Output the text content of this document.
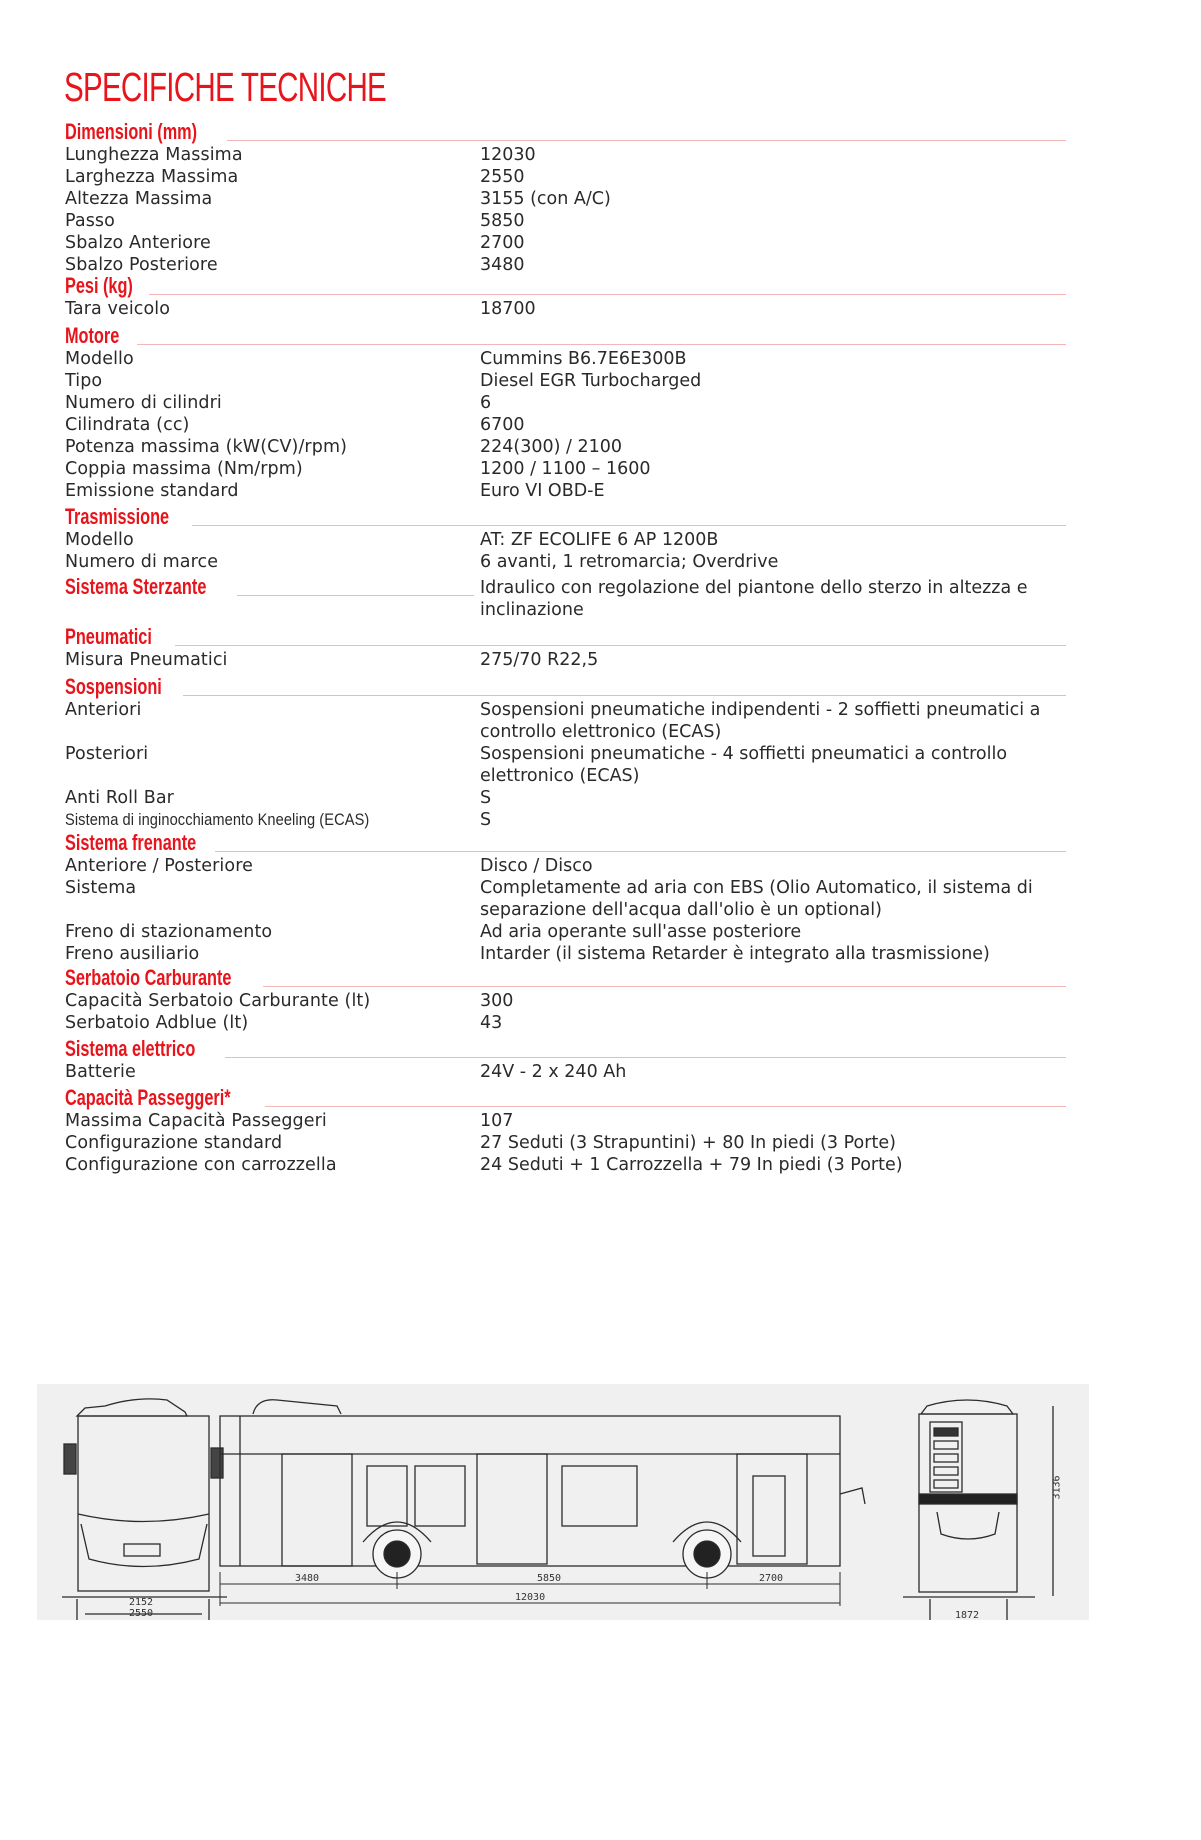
SPECIFICHE TECNICHE
Dimensioni (mm)
Lunghezza Massima	12030
Larghezza Massima	2550
Altezza Massima	3155 (con A/C)
Passo	5850
Sbalzo Anteriore	2700
Sbalzo Posteriore	3480
Pesi (kg)
Tara veicolo	18700
Motore
Modello	Cummins B6.7E6E300B
Tipo	Diesel EGR Turbocharged
Numero di cilindri	6
Cilindrata (cc)	6700
Potenza massima (kW(CV)/rpm)	224(300) / 2100
Coppia massima (Nm/rpm)	1200 / 1100 – 1600
Emissione standard	Euro VI OBD-E
Trasmissione
Modello	AT: ZF ECOLIFE 6 AP 1200B
Numero di marce	6 avanti, 1 retromarcia; Overdrive
Sistema Sterzante	Idraulico con regolazione del piantone dello sterzo in altezza e inclinazione
Pneumatici
Misura Pneumatici	275/70 R22,5
Sospensioni
Anteriori	Sospensioni pneumatiche indipendenti - 2 soffietti pneumatici a controllo elettronico (ECAS)
Posteriori	Sospensioni pneumatiche - 4 soffietti pneumatici a controllo elettronico (ECAS)
Anti Roll Bar	S
Sistema di inginocchiamento Kneeling (ECAS)	S
Sistema frenante
Anteriore / Posteriore	Disco / Disco
Sistema	Completamente ad aria con EBS (Olio Automatico, il sistema di separazione dell'acqua dall'olio è un optional)
Freno di stazionamento	Ad aria operante sull'asse posteriore
Freno ausiliario	Intarder (il sistema Retarder è integrato alla trasmissione)
Serbatoio Carburante
Capacità Serbatoio Carburante (lt)	300
Serbatoio Adblue (lt)	43
Sistema elettrico
Batterie	24V - 2 x 240 Ah
Capacità Passeggeri*
Massima Capacità Passeggeri	107
Configurazione standard	27 Seduti (3 Strapuntini) + 80 In piedi (3 Porte)
Configurazione con carrozzella	24 Seduti + 1 Carrozzella + 79 In piedi (3 Porte)
2152
2550
3480	5850	2700
12030
1872
3136
